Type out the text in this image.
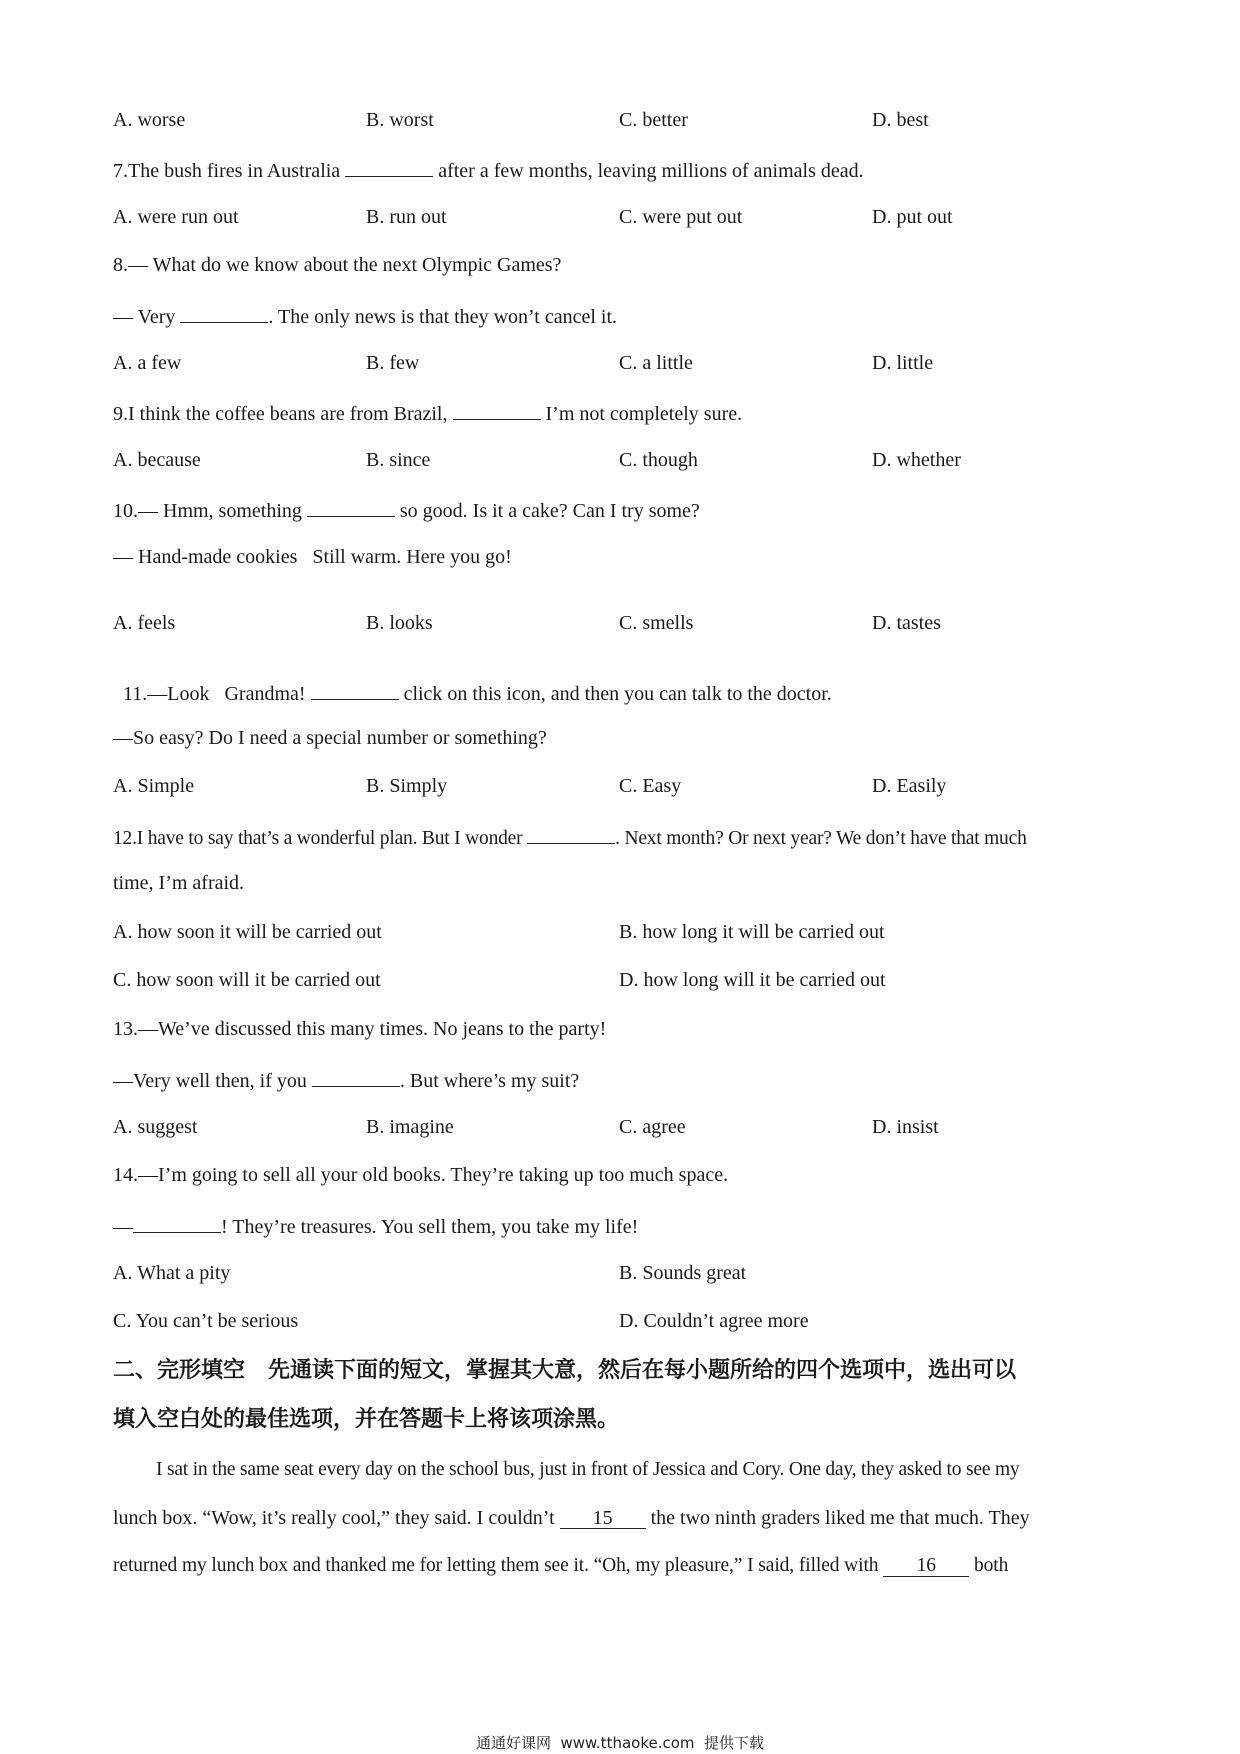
A. worse	B. worst	C. better	D. best
7.The bush fires in Australia	after a few months, leaving millions of animals dead.
A. were run out	B. run out	C. were put out	D. put out
8.— What do we know about the next Olympic Games?
— Very	. The only news is that they won’t cancel it.
A. a few	B. few	C. a little	D. little
9.I think the coffee beans are from Brazil,	I’m not completely sure.
A. because	B. since	C. though	D. whether
10.— Hmm, something	so good. Is it a cake? Can I try some?
— Hand-made cookies   Still warm. Here you go!
A. feels	B. looks	C. smells	D. tastes

11.—Look   Grandma!	click on this icon, and then you can talk to the doctor.

—So easy? Do I need a special number or something?
A. Simple	B. Simply	C. Easy	D. Easily
12.I have to say that’s a wonderful plan. But I wonder	. Next month? Or next year? We don’t have that much
time, I’m afraid.
A. how soon it will be carried out	B. how long it will be carried out
C. how soon will it be carried out	D. how long will it be carried out
13.—We’ve discussed this many times. No jeans to the party!
—Very well then, if you	. But where’s my suit?
A. suggest	B. imagine	C. agree	D. insist
14.—I’m going to sell all your old books. They’re taking up too much space.
—	! They’re treasures. You sell them, you take my life!
A. What a pity	B. Sounds great
C. You can’t be serious	D. Couldn’t agree more
二、完形填空   先通读下面的短文，掌握其大意，然后在每小题所给的四个选项中，选出可以
填入空白处的最佳选项，并在答题卡上将该项涂黑。
I sat in the same seat every day on the school bus, just in front of Jessica and Cory. One day, they asked to see my
lunch box. “Wow, it’s really cool,” they said. I couldn’t 15 the two ninth graders liked me that much. They
returned my lunch box and thanked me for letting them see it. “Oh, my pleasure,” I said, filled with 16 both
通通好课网  www.tthaoke.com  提供下载
